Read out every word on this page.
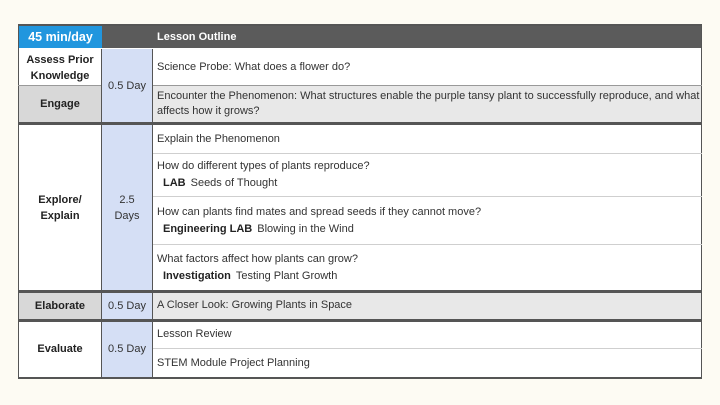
45 min/day	Lesson Outline
Assess Prior Knowledge
Engage
Explore/ Explain
Elaborate
Evaluate
0.5 Day
2.5 Days
0.5 Day
0.5 Day
Science Probe: What does a flower do?
Encounter the Phenomenon: What structures enable the purple tansy plant to successfully reproduce, and what affects how it grows?
Explain the Phenomenon
How do different types of plants reproduce?
LAB Seeds of Thought
How can plants find mates and spread seeds if they cannot move?
Engineering LAB Blowing in the Wind
What factors affect how plants can grow?
Investigation Testing Plant Growth
A Closer Look: Growing Plants in Space
Lesson Review
STEM Module Project Planning
